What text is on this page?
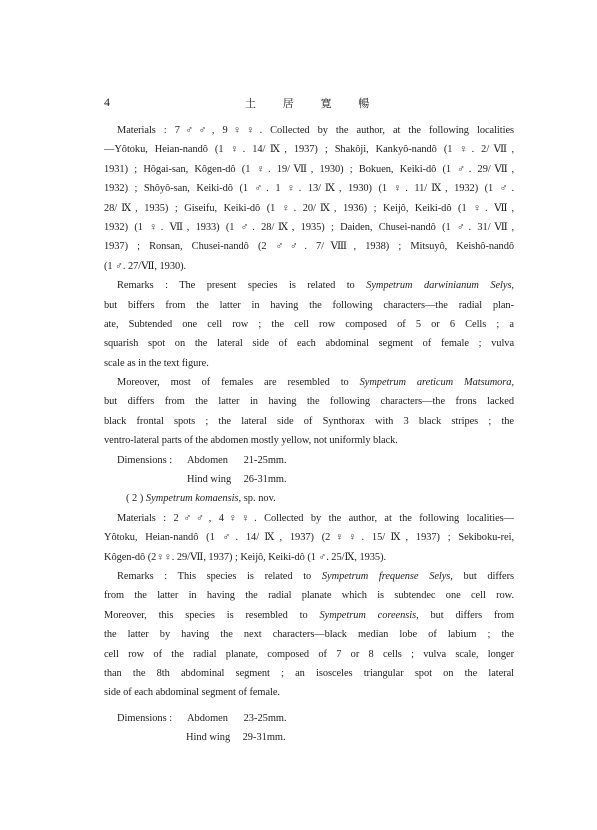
4	土 居 寛 暢
Materials : 7♂♂, 9♀♀. Collected by the author, at the following localities
—Yôtoku, Heian-nandô (1 ♀. 14/Ⅸ, 1937) ; Shakôji, Kankyô-nandô (1 ♀. 2/Ⅶ,
1931) ; Hôgai-san, Kôgen-dô (1 ♀. 19/Ⅶ, 1930) ; Bokuen, Keiki-dô (1 ♂. 29/Ⅶ,
1932) ; Shôyô-san, Keiki-dô (1 ♂. 1 ♀. 13/Ⅸ, 1930) (1 ♀. 11/Ⅸ, 1932) (1 ♂.
28/Ⅸ, 1935) ; Giseifu, Keiki-dô (1 ♀. 20/Ⅸ, 1936) ; Keijô, Keiki-dô (1 ♀. Ⅶ,
1932) (1 ♀. Ⅶ, 1933) (1 ♂. 28/Ⅸ, 1935) ; Daiden, Chusei-nandô (1 ♂. 31/Ⅶ,
1937) ; Ronsan, Chusei-nandô (2 ♂♂. 7/Ⅷ, 1938) ; Mitsuyô, Keishô-nandô
(1 ♂. 27/Ⅶ, 1930).
Remarks : The present species is related to Sympetrum darwinianum Selys,
but biffers from the latter in having the following characters—the radial plan-
ate, Subtended one cell row ; the cell row composed of 5 or 6 Cells ; a
squarish spot on the lateral side of each abdominal segment of female ; vulva
scale as in the text figure.
Moreover, most of females are resembled to Sympetrum areticum Matsumora,
but differs from the latter in having the following characters—the frons lacked
black frontal spots ; the lateral side of Synthorax with 3 black stripes ; the
ventro-lateral parts of the abdomen mostly yellow, not uniformly black.
Dimensions : Abdomen 21-25mm.
Hind wing 26-31mm.
( 2 ) Sympetrum komaensis, sp. nov.
Materials : 2♂♂, 4♀♀. Collected by the author, at the following localities—
Yôtoku, Heian-nandô (1 ♂. 14/Ⅸ, 1937) (2♀♀. 15/Ⅸ, 1937) ; Sekiboku-rei,
Kôgen-dô (2♀♀. 29/Ⅶ, 1937) ; Keijô, Keiki-dô (1 ♂. 25/Ⅸ, 1935).
Remarks : This species is related to Sympetrum frequense Selys, but differs
from the latter in having the radial planate which is subtendec one cell row.
Moreover, this species is resembled to Sympetrum coreensis, but differs from
the latter by having the next characters—black median lobe of labium ; the
cell row of the radial planate, composed of 7 or 8 cells ; vulva scale, longer
than the 8th abdominal segment ; an isosceles triangular spot on the lateral
side of each abdominal segment of female.
Dimensions : Abdomen 23-25mm.
Hind wing 29-31mm.
